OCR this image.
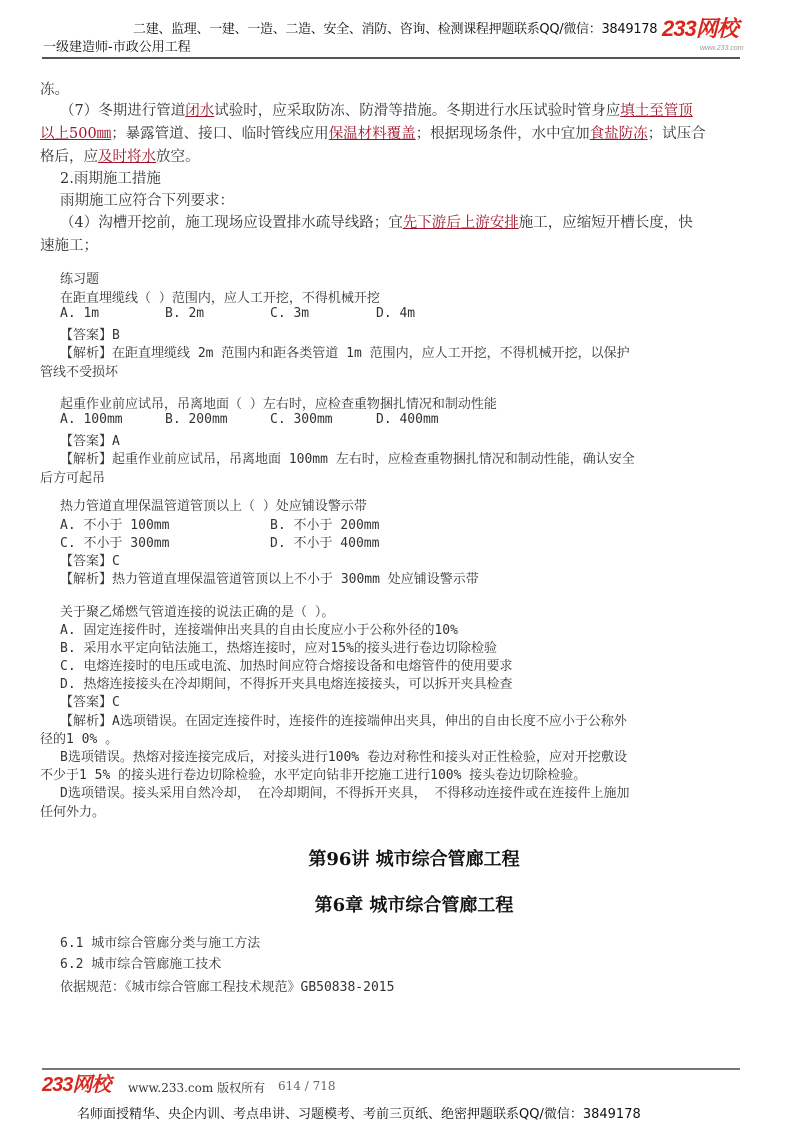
二建、监理、一建、一造、二造、安全、消防、咨询、检测课程押题联系QQ/微信：3849178
一级建造师-市政公用工程
233网校
www.233.com
冻。
（7）冬期进行管道闭水试验时，应采取防冻、防滑等措施。冬期进行水压试验时管身应填土至管顶
以上500㎜；暴露管道、接口、临时管线应用保温材料覆盖；根据现场条件，水中宜加食盐防冻；试压合
格后，应及时将水放空。
2.雨期施工措施
雨期施工应符合下列要求：
（4）沟槽开挖前，施工现场应设置排水疏导线路；宜先下游后上游安排施工，应缩短开槽长度，快
速施工；
练习题
在距直埋缆线（ ）范围内，应人工开挖，不得机械开挖
A. 1m	B. 2m	C. 3m	D. 4m
【答案】B
【解析】在距直埋缆线 2m 范围内和距各类管道 1m 范围内，应人工开挖，不得机械开挖，以保护
管线不受损坏
起重作业前应试吊，吊离地面（ ）左右时，应检查重物捆扎情况和制动性能
A. 100mm	B. 200mm	C. 300mm	D. 400mm
【答案】A
【解析】起重作业前应试吊，吊离地面 100mm 左右时，应检查重物捆扎情况和制动性能，确认安全
后方可起吊
热力管道直埋保温管道管顶以上（ ）处应铺设警示带
A. 不小于 100mm	B. 不小于 200mm
C. 不小于 300mm	D. 不小于 400mm
【答案】C
【解析】热力管道直埋保温管道管顶以上不小于 300mm 处应铺设警示带
关于聚乙烯燃气管道连接的说法正确的是（ ）。
A. 固定连接件时，连接端伸出夹具的自由长度应小于公称外径的10%
B. 采用水平定向钻法施工，热熔连接时，应对15%的接头进行卷边切除检验
C. 电熔连接时的电压或电流、加热时间应符合熔接设备和电熔管件的使用要求
D. 热熔连接接头在冷却期间，不得拆开夹具电熔连接接头，可以拆开夹具检查
【答案】C
【解析】A选项错误。在固定连接件时，连接件的连接端伸出夹具，伸出的自由长度不应小于公称外
径的1 0% 。
B选项错误。热熔对接连接完成后，对接头进行100% 卷边对称性和接头对正性检验，应对开挖敷设
不少于1 5% 的接头进行卷边切除检验，水平定向钻非开挖施工进行100% 接头卷边切除检验。
D选项错误。接头采用自然冷却， 在冷却期间，不得拆开夹具， 不得移动连接件或在连接件上施加
任何外力。
第96讲 城市综合管廊工程
第6章 城市综合管廊工程
6.1 城市综合管廊分类与施工方法
6.2 城市综合管廊施工技术
依据规范：《城市综合管廊工程技术规范》GB50838-2015
233网校 www.233.com 版权所有 614 / 718
名师面授精华、央企内训、考点串讲、习题模考、考前三页纸、绝密押题联系QQ/微信：3849178
